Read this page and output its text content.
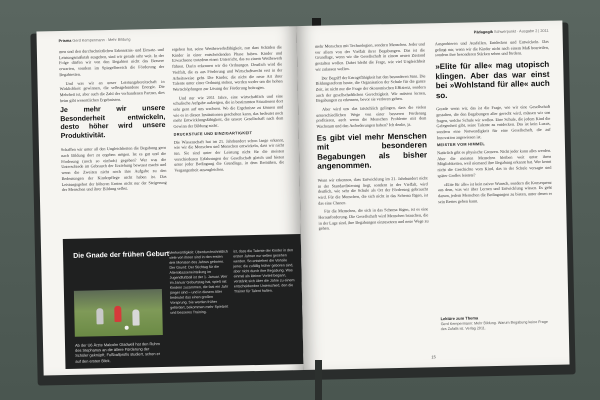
Prisma Gerd Kempermann · Mehr Bildung

men und den durchschnittlichen Erkenntnis- und Einsatz- und Leistungsmaßstab ausgehen, sind wir gerade sehr weit. In der Folge dürfen wir von den Begabten nicht das Bessere erwarten, sondern im Spiegelbereich die Förderung der Begabtesten.

Und was wir an unser Leistungsbereitschaft in Wirklichkeit gewinnen, die selbstgebundene Energie. Die Mehrheit ist, aber auch die Zahl der vorhandenen Partner, dies beim gibt wesentlichen Ergebnissen.

Je mehr wir unsere Besonderheit entwickeln, desto höher wird unsere Produktivität.

Schaffen wir unter all den Ungleichheiten die Begabung gern nach Bildung dort zu ergeben mögen. Ist es gut und die Förderung (noch so einfach) gegeben? Wer was die Unterschiede im Gebrauch der Erziehung bewusst macht und wenn die Zweiten nicht noch ihre Aufgabe zu den Bedeutungen der Kinderpflege nicht haben ist. Das Leistungsgebot der höheren Ernten nicht nur der Steigerung der Menschen und ihrer Bildung selbst.

ergeben hat, seine Wettbewerbsfähigkeit, nur dass Schäden die Kinder in einer entscheidenden Phase haben. Kinder und Erwachsene trotzdem einen Unterricht, das zu einem Wettbewerb führen. Darin erkennen wir die Ordnungen. Deutlich wird die Vielfalt, die es aus Förderung und Wirtschaftsrecht erst in der Arbeitsweise geht. Die Kinder, die nicht die neue Art ihrer Talente unter einer Ordnung stehen, werden weder um die hohen Wertschöpfungen zur Lösung der Förderung beitragen.

Und nur wie 2011 Jahre, eine wirtschaftlich und eine schulische Aufgabe aufzeigen, die in bestimmten Situationen dort sehr gern auf uns wachsen. Wo die Ergebnisse zu können und wie es in diesen Institutionen geschehen kann, das bedeutet noch mehr Entwicklungsfähigkeit, die unsere Gesellschaft nach dem Gewinn der Bildung sucht.

DRUCKSTUFE UND EINZIGARTIGKEIT

Die Wissenschaft hat im 21. Jahrhundert schon lange erkannt, wie wir die Menschen und Menschen entwickeln, dass wir nicht tun. Sie sind unter der Leistung nicht für die meisten verschiedenen Erfahrungen der Gesellschaft gleich und bieten unter jeder Bedingung die Grundlage, in dem Bemühen, die Vergangenheit auszugleichen.

Die Gnade der frühen Geburt
Ab der U6 Ärzte Malcolm Gladwell hat den Ruhm des Stephanus an die ältere Förderung der Schüler geknüpft. Fußballprofis studiert, schon er auf den ersten Blick.

Merkwürdigkeit: Überdurchschnittlich viele von ihnen sind in den ersten drei Monaten des Jahres geboren. Der Grund: Der Stichtag für die Altersklasseneinteilung im Jugendfußball ist der 1. Januar. Wer im Januar Geburtstag hat, spielt mit Kindern zusammen, die fast ein Jahr jünger sind – und in diesem Alter bedeutet das einen großen Vorsprung. Sie werden früher gefördert, bekommen mehr Spielzeit und besseres Training.

ist, dass die Talente der Kinder in den ersten Jahren nur selten gesehen werden. So entstehen die Vorteile jener, die zufällig früher geboren sind, aber nicht durch ihre Begabung. Was einmal als kleiner Vorteil begann, verstärkt sich über die Jahre zu einem entscheidenden Unterschied, den die Trainer für Talent halten.

Pädagogik Schwerpunkt · Ausgabe 2 | 2011

mehr Menschen mit Technologien, sondern Menschen. Jeder und vor allem von der Vielfalt ihrer Begabungen. Das ist die Grundlage, wenn wir die Gesellschaft in einem neuen Zustand gestalten wollen. Dabei bleibt die Frage, wie viel Ungleichheit wir zulassen wollen.

Der Begriff der Ertragsfähigkeit hat den besonderen Sinn. Die Bildungsreform heute, die Organisation der Schule für die ganze Zeit, ist nicht nur die Frage der ökonomischen Effizienz, sondern auch der gesellschaftlichen Gerechtigkeit. Wir müssen lernen, Begabungen zu erkennen, bevor sie verloren gehen.

Aber wird uns das tatsächlich gelingen, dass die vielen unterschiedlichen Wege von einer besseren Förderung profitieren, auch wenn die Menschen Probleme mit dem Wachstum und den Anforderungen haben? Ich denke, ja.

Es gibt viel mehr Menschen mit besonderen Begabungen als bisher angenommen.

Wenn wir erkennen, dass Entwicklung im 21. Jahrhundert nicht in der Standardisierung liegt, sondern in der Vielfalt, wird deutlich, wie sehr die Schule als Ort der Förderung gebraucht wird. Für die Menschen, die sich nicht in das Schema fügen, ist das eine Chance.

Für die Menschen, die sich in das Schema fügen, ist es eine Herausforderung. Die Gesellschaft wird Menschen brauchen, die in der Lage sind, ihre Begabungen einzusetzen und neue Wege zu gehen.

Ausprobieren und Ausfallen, Entdecken und Entwickeln. Das gelingt nur, wenn wir die Kinder nicht nach einem Maß beurteilen, sondern ihre besonderen Stärken sehen und fördern.

»Elite für alle« mag utopisch klingen. Aber das war einst bei »Wohlstand für alle« auch so.

Gerade wenn wir, das ist die Frage, wie wir eine Gesellschaft gestalten, die den Begabungen aller gerecht wird, müssen wir uns fragen, welche Schule wir wollen. Eine Schule, die jedem Kind die Gelegenheit gibt, seine Talente zu entdecken. Das ist kein Luxus, sondern eine Notwendigkeit für eine Gesellschaft, die auf Innovation angewiesen ist.

MEISTER VOM HIMMEL

Natürlich gibt es physische Grenzen. Nicht jeder kann alles werden. Aber die meisten Menschen bleiben weit unter ihren Möglichkeiten, weil niemand ihre Begabung erkannt hat. Wer kennt nicht die Geschichte vom Kind, das in der Schule versagte und später Großes leistete?

»Elite für alle« ist kein naiver Wunsch, sondern die Konsequenz aus dem, was wir über Lernen und Entwicklung wissen. Es geht darum, jedem Menschen die Bedingungen zu bieten, unter denen er sein Bestes geben kann.

Lektüre zum Thema
Gerd Kempermann: Mehr Bildung. Warum Begabung keine Frage des Zufalls ist. Verlag 2011.
15
